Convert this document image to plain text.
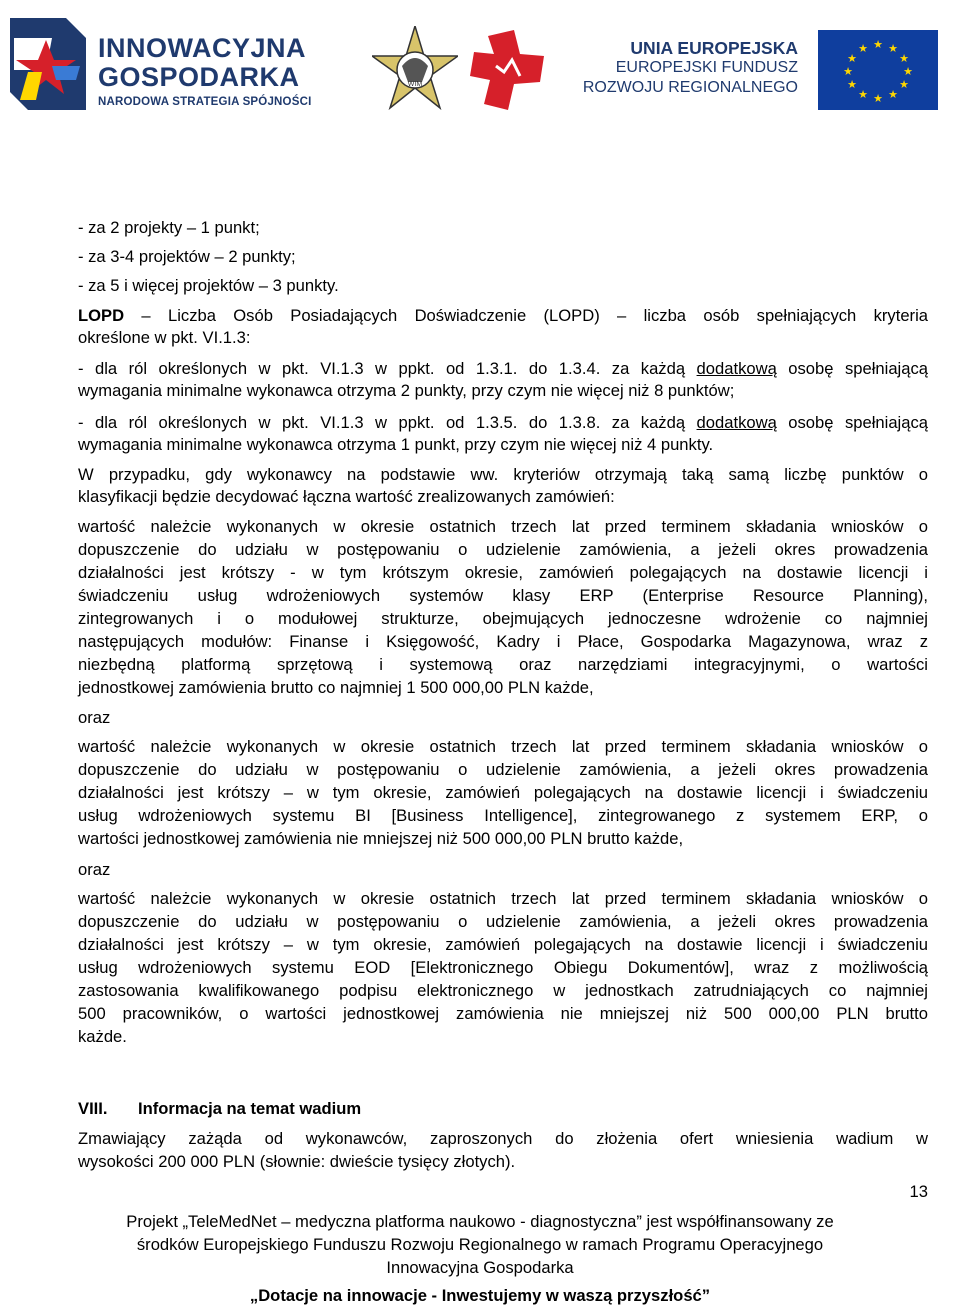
INNOWACYJNA
GOSPODARKA
NARODOWA STRATEGIA SPÓJNOŚCI
WIM
UNIA EUROPEJSKA
EUROPEJSKI FUNDUSZ
ROZWOJU REGIONALNEGO
★ ★
★
★
★
★
★
★
★
★
★
★
- za 2 projekty – 1 punkt;
- za 3-4 projektów – 2 punkty;
- za 5 i więcej projektów – 3 punkty.
LOPD – Liczba Osób Posiadających Doświadczenie (LOPD) – liczba osób spełniających kryteria
określone w pkt. VI.1.3:
- dla ról określonych w pkt. VI.1.3 w ppkt. od 1.3.1. do 1.3.4. za każdą dodatkową osobę spełniającą
wymagania minimalne wykonawca otrzyma 2 punkty, przy czym nie więcej niż 8 punktów;
- dla ról określonych w pkt. VI.1.3 w ppkt. od 1.3.5. do 1.3.8. za każdą dodatkową osobę spełniającą
wymagania minimalne wykonawca otrzyma 1 punkt, przy czym nie więcej niż 4 punkty.
W przypadku, gdy wykonawcy na podstawie ww. kryteriów otrzymają taką samą liczbę punktów o
klasyfikacji będzie decydować łączna wartość zrealizowanych zamówień:
wartość należcie wykonanych w okresie ostatnich trzech lat przed terminem składania wniosków o
dopuszczenie do udziału w postępowaniu o udzielenie zamówienia, a jeżeli okres prowadzenia
działalności jest krótszy - w tym krótszym okresie, zamówień polegających na dostawie licencji i
świadczeniu usług wdrożeniowych systemów klasy ERP (Enterprise Resource Planning),
zintegrowanych i o modułowej strukturze, obejmujących jednoczesne wdrożenie co najmniej
następujących modułów: Finanse i Księgowość, Kadry i Płace, Gospodarka Magazynowa, wraz z
niezbędną platformą sprzętową i systemową oraz narzędziami integracyjnymi, o wartości
jednostkowej zamówienia brutto co najmniej 1 500 000,00 PLN każde,
oraz
wartość należcie wykonanych w okresie ostatnich trzech lat przed terminem składania wniosków o
dopuszczenie do udziału w postępowaniu o udzielenie zamówienia, a jeżeli okres prowadzenia
działalności jest krótszy – w tym okresie, zamówień polegających na dostawie licencji i świadczeniu
usług wdrożeniowych systemu BI [Business Intelligence], zintegrowanego z systemem ERP, o
wartości jednostkowej zamówienia nie mniejszej niż 500 000,00 PLN brutto każde,
oraz
wartość należcie wykonanych w okresie ostatnich trzech lat przed terminem składania wniosków o
dopuszczenie do udziału w postępowaniu o udzielenie zamówienia, a jeżeli okres prowadzenia
działalności jest krótszy – w tym okresie, zamówień polegających na dostawie licencji i świadczeniu
usług wdrożeniowych systemu EOD [Elektronicznego Obiegu Dokumentów], wraz z możliwością
zastosowania kwalifikowanego podpisu elektronicznego w jednostkach zatrudniających co najmniej
500 pracowników, o wartości jednostkowej zamówienia nie mniejszej niż 500 000,00 PLN brutto
każde.
VIII. Informacja na temat wadium
Zmawiający zażąda od wykonawców, zaproszonych do złożenia ofert wniesienia wadium w
wysokości 200 000 PLN (słownie: dwieście tysięcy złotych).
13
Projekt „TeleMedNet – medyczna platforma naukowo - diagnostyczna” jest współfinansowany ze
środków Europejskiego Funduszu Rozwoju Regionalnego w ramach Programu Operacyjnego
Innowacyjna Gospodarka
„Dotacje na innowacje - Inwestujemy w waszą przyszłość”
